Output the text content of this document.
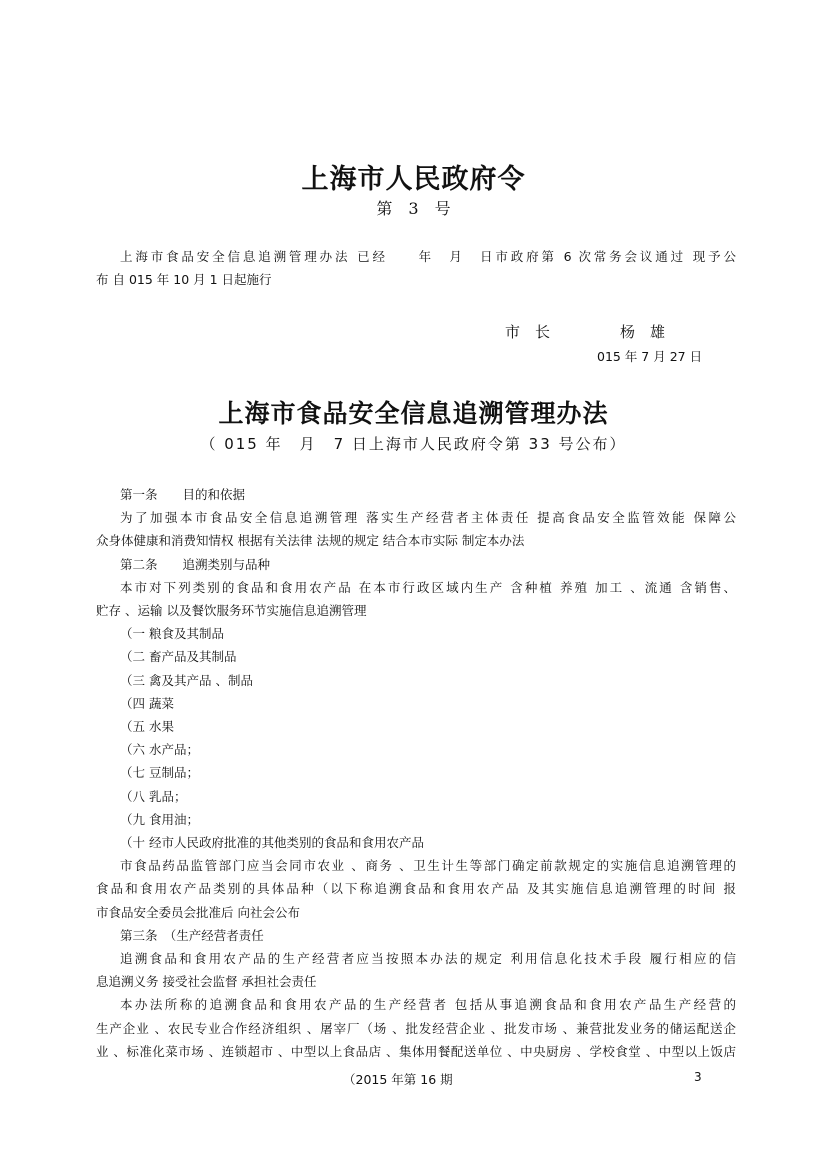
上海市人民政府令
第　3　号
上海市食品安全信息追溯管理办法 已经　　年　月　日市政府第 6 次常务会议通过 现予公
布 自 015 年 10 月 1 日起施行
市　长	杨　雄
015 年 7 月 27 日
上海市食品安全信息追溯管理办法
（ 015 年　月　7 日上海市人民政府令第 33 号公布）
第一条　　目的和依据
为了加强本市食品安全信息追溯管理 落实生产经营者主体责任 提高食品安全监管效能 保障公
众身体健康和消费知情权 根据有关法律 法规的规定 结合本市实际 制定本办法
第二条　　追溯类别与品种
本市对下列类别的食品和食用农产品 在本市行政区域内生产 含种植 养殖 加工 、流通 含销售、
贮存 、运输 以及餐饮服务环节实施信息追溯管理
（一 粮食及其制品
（二 畜产品及其制品
（三 禽及其产品 、制品
（四 蔬菜
（五 水果
（六 水产品；
（七 豆制品；
（八 乳品；
（九 食用油；
（十 经市人民政府批准的其他类别的食品和食用农产品
市食品药品监管部门应当会同市农业 、商务 、卫生计生等部门确定前款规定的实施信息追溯管理的
食品和食用农产品类别的具体品种（以下称追溯食品和食用农产品 及其实施信息追溯管理的时间 报
市食品安全委员会批准后 向社会公布
第三条　（生产经营者责任
追溯食品和食用农产品的生产经营者应当按照本办法的规定 利用信息化技术手段 履行相应的信
息追溯义务 接受社会监督 承担社会责任
本办法所称的追溯食品和食用农产品的生产经营者 包括从事追溯食品和食用农产品生产经营的
生产企业 、农民专业合作经济组织 、屠宰厂（场 、批发经营企业 、批发市场 、兼营批发业务的储运配送企
业 、标准化菜市场 、连锁超市 、中型以上食品店 、集体用餐配送单位 、中央厨房 、学校食堂 、中型以上饭店
（2015 年第 16 期	3
